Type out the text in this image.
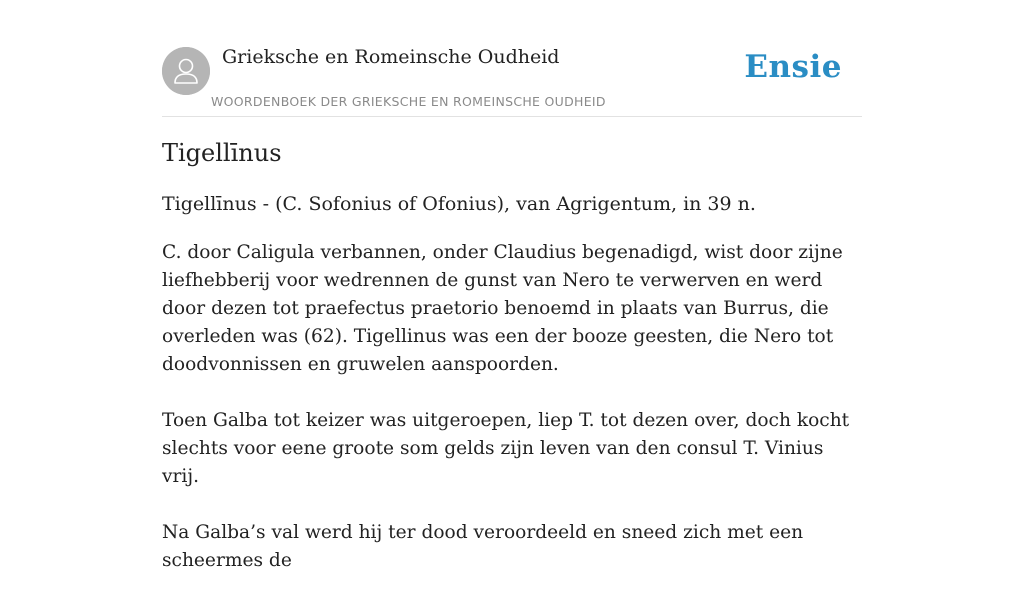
Grieksche en Romeinsche Oudheid
WOORDENBOEK DER GRIEKSCHE EN ROMEINSCHE OUDHEID
Ensie
Tigellīnus

Tigellīnus - (C. Sofonius of Ofonius), van Agrigentum, in 39 n.

C. door Caligula verbannen, onder Claudius begenadigd, wist door zijne liefhebberij voor wedrennen de gunst van Nero te verwerven en werd door dezen tot praefectus praetorio benoemd in plaats van Burrus, die overleden was (62). Tigellinus was een der booze geesten, die Nero tot doodvonnissen en gruwelen aanspoorden.

Toen Galba tot keizer was uitgeroepen, liep T. tot dezen over, doch kocht slechts voor eene groote som gelds zijn leven van den consul T. Vinius vrij.

Na Galba’s val werd hij ter dood veroordeeld en sneed zich met een scheermes de
